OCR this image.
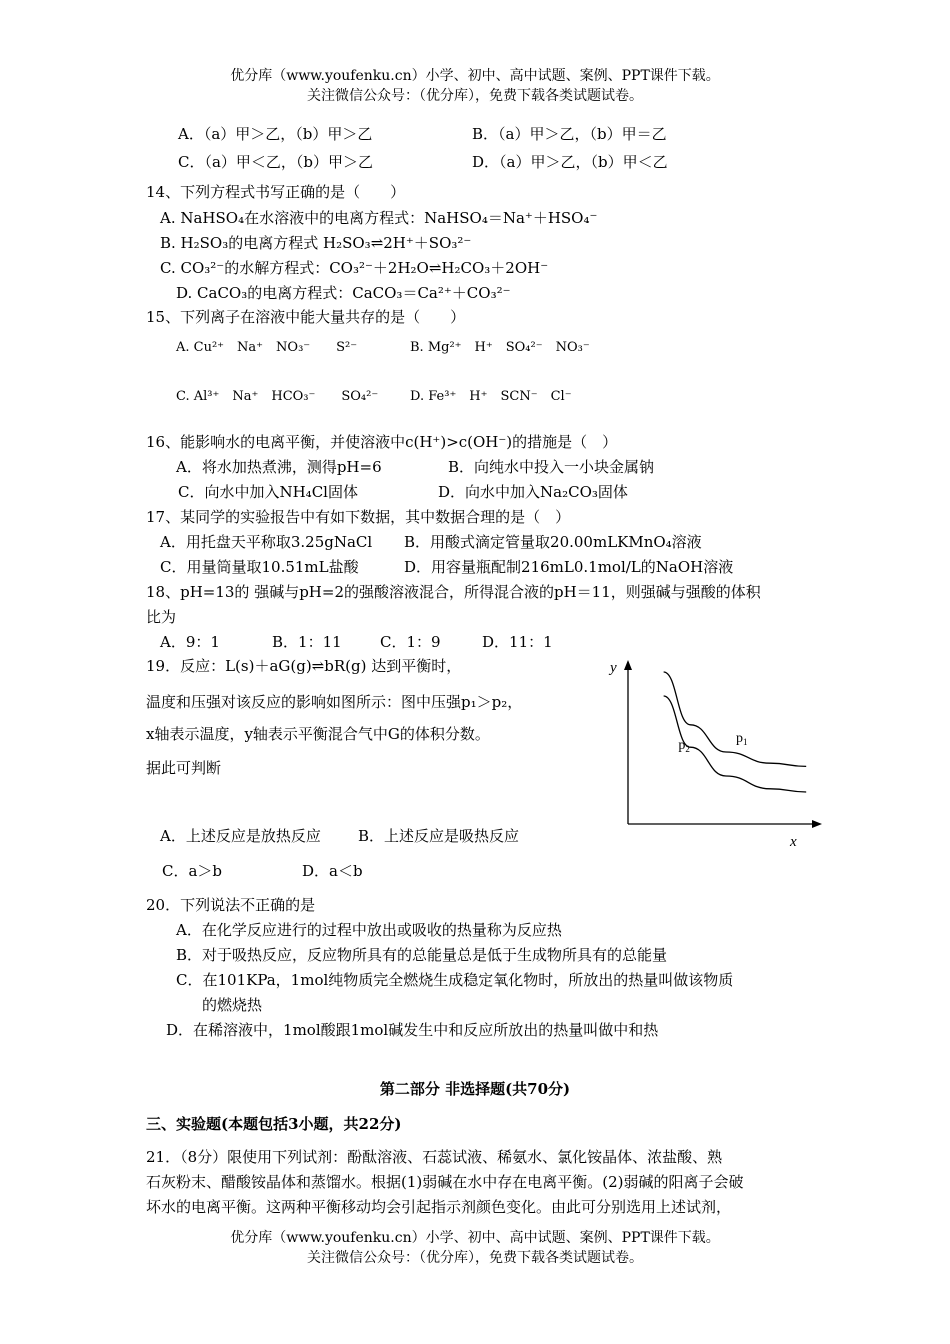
优分库（www.youfenku.cn）小学、初中、高中试题、案例、PPT课件下载。
关注微信公众号：（优分库），免费下载各类试题试卷。
A．（a）甲＞乙，（b）甲＞乙	B．（a）甲＞乙，（b）甲＝乙
C．（a）甲＜乙，（b）甲＞乙	D．（a）甲＞乙，（b）甲＜乙
14、下列方程式书写正确的是（　　）
A. NaHSO₄在水溶液中的电离方程式：NaHSO₄＝Na⁺＋HSO₄⁻
B. H₂SO₃的电离方程式 H₂SO₃⇌2H⁺＋SO₃²⁻
C. CO₃²⁻的水解方程式：CO₃²⁻＋2H₂O⇌H₂CO₃＋2OH⁻
D. CaCO₃的电离方程式：CaCO₃＝Ca²⁺＋CO₃²⁻
15、下列离子在溶液中能大量共存的是（　　）
A. Cu²⁺　Na⁺　NO₃⁻　　S²⁻	B. Mg²⁺　H⁺　SO₄²⁻　NO₃⁻
C. Al³⁺　Na⁺　HCO₃⁻　　SO₄²⁻ D. Fe³⁺　H⁺　SCN⁻　Cl⁻
16、能影响水的电离平衡，并使溶液中c(H⁺)>c(OH⁻)的措施是（　）
A．将水加热煮沸，测得pH=6	B．向纯水中投入一小块金属钠
C．向水中加入NH₄Cl固体	D．向水中加入Na₂CO₃固体
17、某同学的实验报告中有如下数据，其中数据合理的是（　）
A．用托盘天平称取3.25gNaCl B．用酸式滴定管量取20.00mLKMnO₄溶液
C．用量筒量取10.51mL盐酸	D．用容量瓶配制216mL0.1mol/L的NaOH溶液
18、pH=13的 强碱与pH=2的强酸溶液混合，所得混合液的pH＝11，则强碱与强酸的体积
比为
A．9：1	B．1：11	C．1：9	D．11：1
19．反应：L(s)＋aG(g)⇌bR(g) 达到平衡时，
温度和压强对该反应的影响如图所示：图中压强p₁＞p₂，
x轴表示温度，y轴表示平衡混合气中G的体积分数。
据此可判断
A．上述反应是放热反应 B．上述反应是吸热反应
C．a＞b	D．a＜b
y
x
$p_1$
$p_2$
20．下列说法不正确的是
A．在化学反应进行的过程中放出或吸收的热量称为反应热
B．对于吸热反应，反应物所具有的总能量总是低于生成物所具有的总能量
C．在101KPa，1mol纯物质完全燃烧生成稳定氧化物时，所放出的热量叫做该物质
的燃烧热
D．在稀溶液中，1mol酸跟1mol碱发生中和反应所放出的热量叫做中和热
第二部分 非选择题(共70分)
三、实验题(本题包括3小题，共22分)
21．（8分）限使用下列试剂：酚酞溶液、石蕊试液、稀氨水、氯化铵晶体、浓盐酸、熟
石灰粉末、醋酸铵晶体和蒸馏水。根据(1)弱碱在水中存在电离平衡。(2)弱碱的阳离子会破
坏水的电离平衡。这两种平衡移动均会引起指示剂颜色变化。由此可分别选用上述试剂，
优分库（www.youfenku.cn）小学、初中、高中试题、案例、PPT课件下载。
关注微信公众号：（优分库），免费下载各类试题试卷。
